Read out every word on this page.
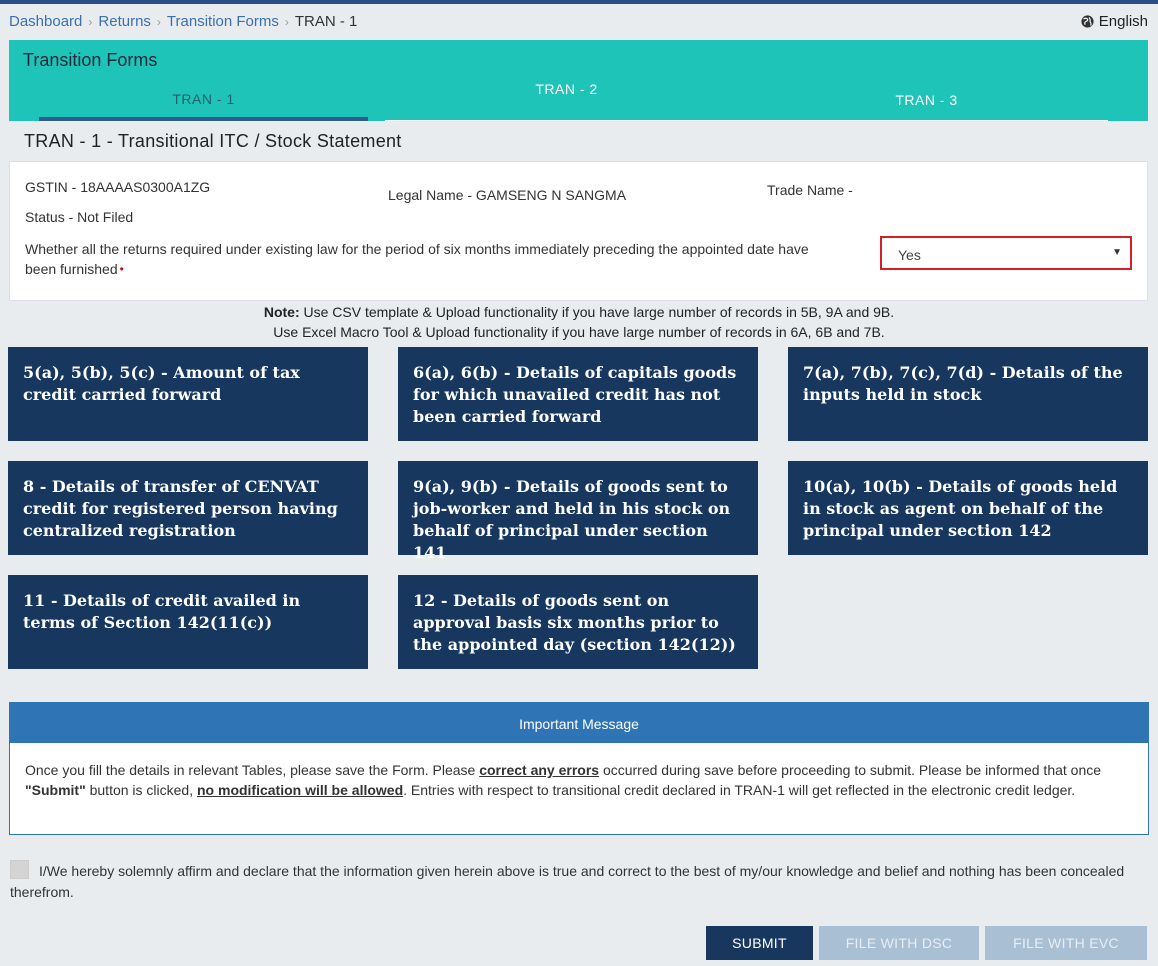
Dashboard › Returns › Transition Forms › TRAN - 1	English
Transition Forms
TRAN - 1
TRAN - 2
TRAN - 3
TRAN - 1 - Transitional ITC / Stock Statement
GSTIN - 18AAAAS0300A1ZG	Legal Name - GAMSENG N SANGMA	Trade Name -
Status - Not Filed
Whether all the returns required under existing law for the period of six months immediately preceding the appointed date have been furnished •
Yes	▼
Note: Use CSV template & Upload functionality if you have large number of records in 5B, 9A and 9B.
Use Excel Macro Tool & Upload functionality if you have large number of records in 6A, 6B and 7B.
5(a), 5(b), 5(c) - Amount of tax credit carried forward
6(a), 6(b) - Details of capitals goods for which unavailed credit has not been carried forward
7(a), 7(b), 7(c), 7(d) - Details of the inputs held in stock
8 - Details of transfer of CENVAT credit for registered person having centralized registration
9(a), 9(b) - Details of goods sent to job-worker and held in his stock on behalf of principal under section 141
10(a), 10(b) - Details of goods held in stock as agent on behalf of the principal under section 142
11 - Details of credit availed in terms of Section 142(11(c))
12 - Details of goods sent on approval basis six months prior to the appointed day (section 142(12))
Important Message
Once you fill the details in relevant Tables, please save the Form. Please correct any errors occurred during save before proceeding to submit. Please be informed that once "Submit" button is clicked, no modification will be allowed. Entries with respect to transitional credit declared in TRAN-1 will get reflected in the electronic credit ledger.
I/We hereby solemnly affirm and declare that the information given herein above is true and correct to the best of my/our knowledge and belief and nothing has been concealed therefrom.
SUBMIT	FILE WITH DSC	FILE WITH EVC
